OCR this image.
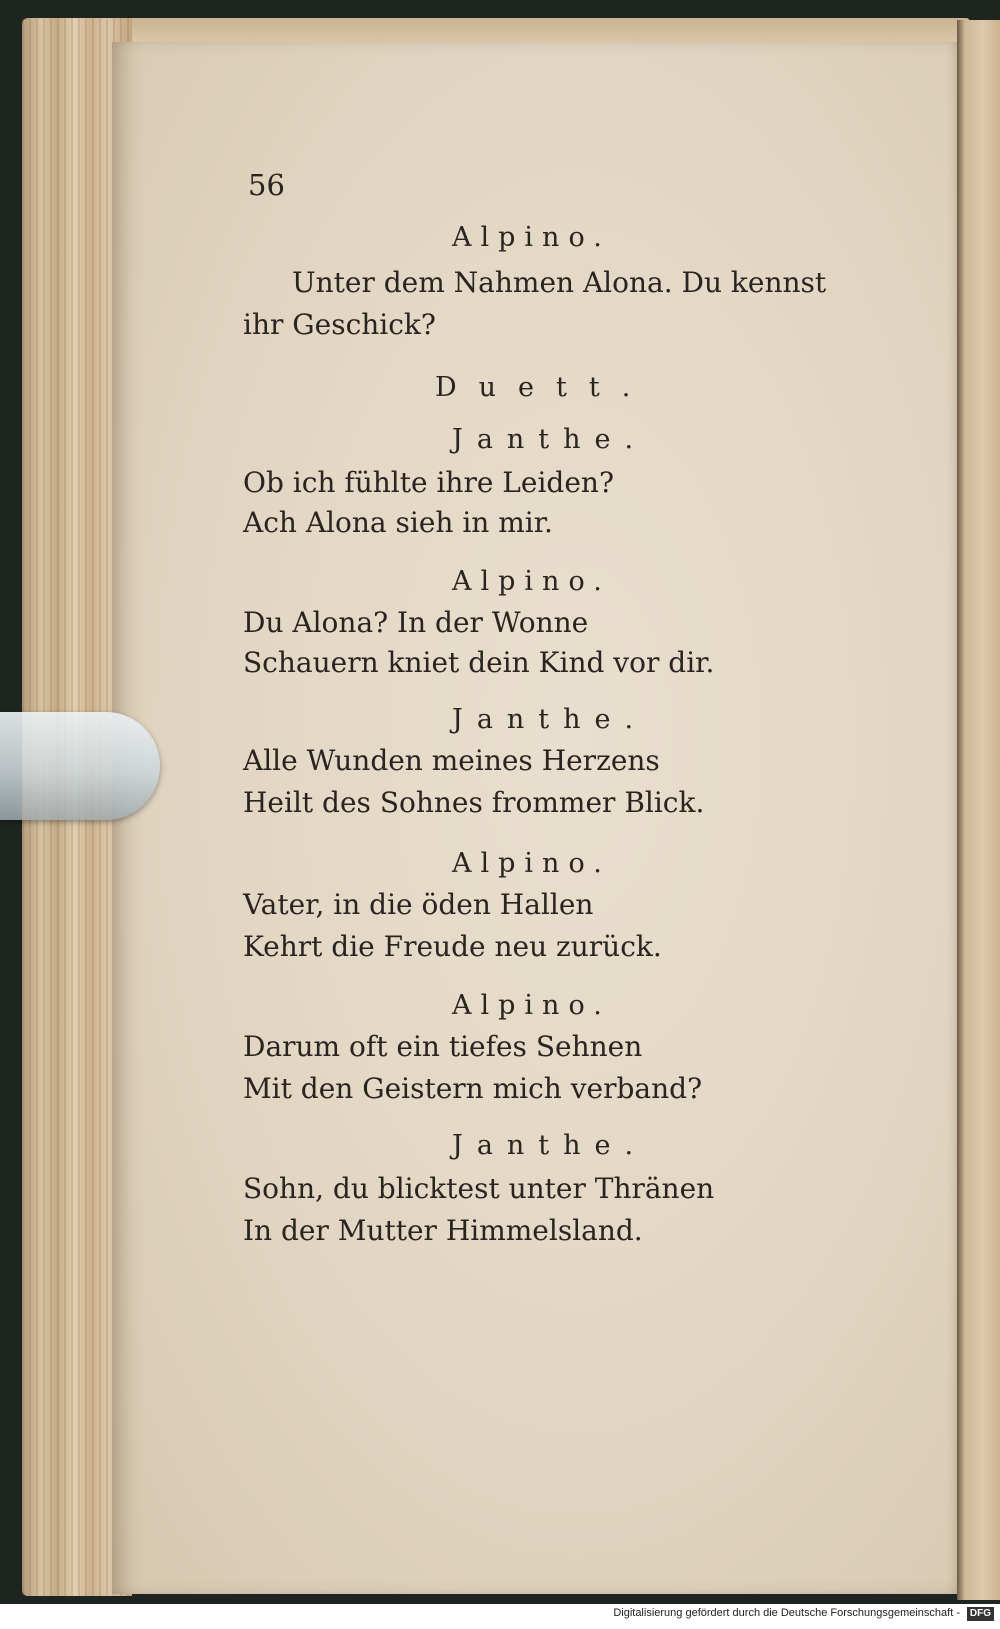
56
Alpino.
Unter dem Nahmen Alona. Du kennst
ihr Geschick?
Duett.
Janthe.
Ob ich fühlte ihre Leiden?
Ach Alona sieh in mir.
Alpino.
Du Alona? In der Wonne
Schauern kniet dein Kind vor dir.
Janthe.
Alle Wunden meines Herzens
Heilt des Sohnes frommer Blick.
Alpino.
Vater, in die öden Hallen
Kehrt die Freude neu zurück.
Alpino.
Darum oft ein tiefes Sehnen
Mit den Geistern mich verband?
Janthe.
Sohn, du blicktest unter Thränen
In der Mutter Himmelsland.
Digitalisierung gefördert durch die Deutsche Forschungsgemeinschaft - DFG
